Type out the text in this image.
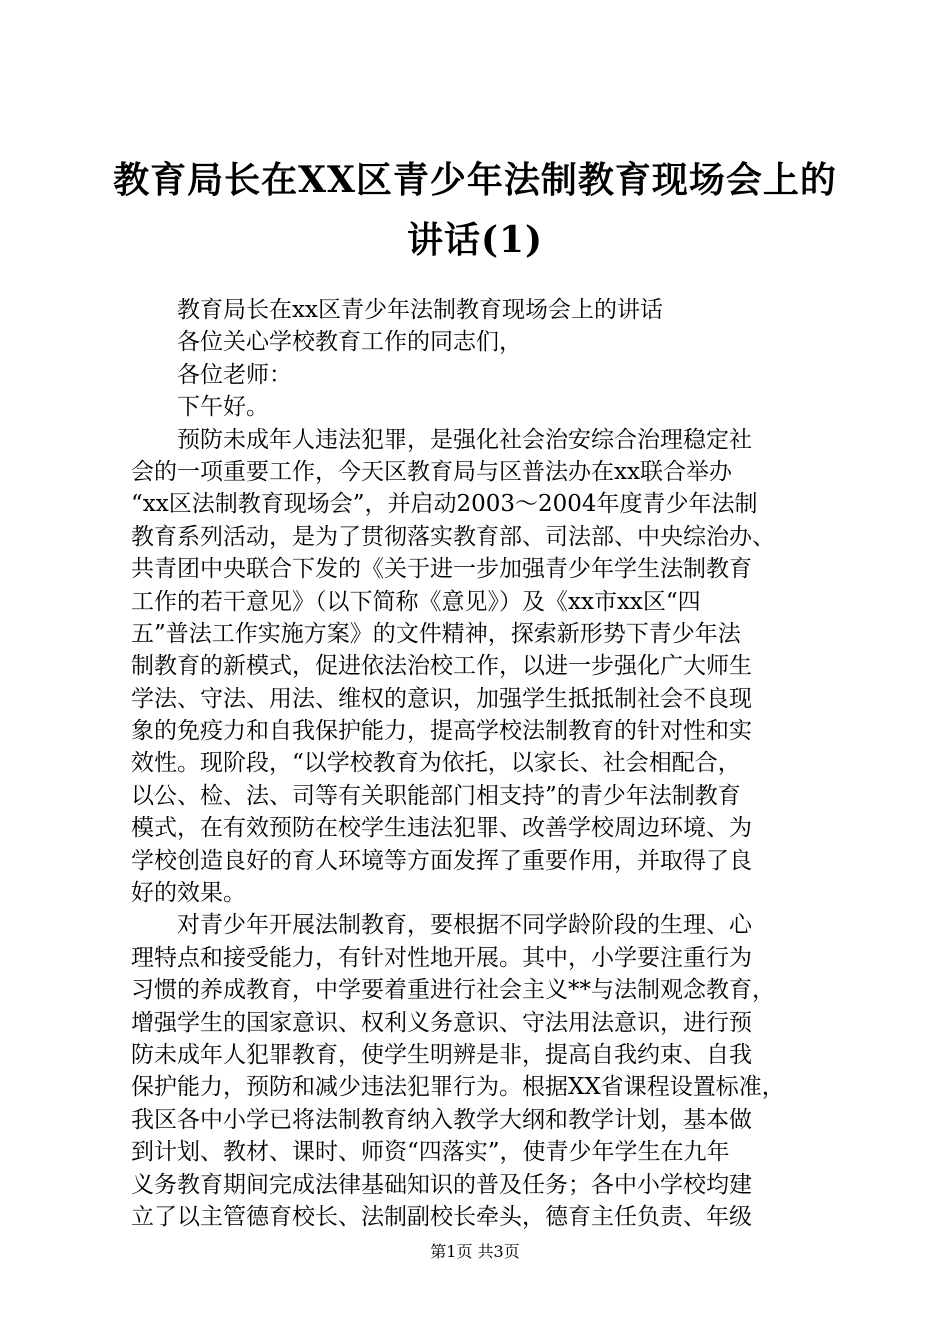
教育局长在XX区青少年法制教育现场会上的
讲话(1)
教育局长在xx区青少年法制教育现场会上的讲话
各位关心学校教育工作的同志们，
各位老师：
下午好。
预防未成年人违法犯罪，是强化社会治安综合治理稳定社
会的一项重要工作，今天区教育局与区普法办在xx联合举办
“xx区法制教育现场会”，并启动2003～2004年度青少年法制
教育系列活动，是为了贯彻落实教育部、司法部、中央综治办、
共青团中央联合下发的《关于进一步加强青少年学生法制教育
工作的若干意见》（以下简称《意见》）及《xx市xx区“四
五”普法工作实施方案》的文件精神，探索新形势下青少年法
制教育的新模式，促进依法治校工作，以进一步强化广大师生
学法、守法、用法、维权的意识，加强学生抵抵制社会不良现
象的免疫力和自我保护能力，提高学校法制教育的针对性和实
效性。现阶段，“以学校教育为依托，以家长、社会相配合，
以公、检、法、司等有关职能部门相支持”的青少年法制教育
模式，在有效预防在校学生违法犯罪、改善学校周边环境、为
学校创造良好的育人环境等方面发挥了重要作用，并取得了良
好的效果。
对青少年开展法制教育，要根据不同学龄阶段的生理、心
理特点和接受能力，有针对性地开展。其中，小学要注重行为
习惯的养成教育，中学要着重进行社会主义**与法制观念教育，
增强学生的国家意识、权利义务意识、守法用法意识，进行预
防未成年人犯罪教育，使学生明辨是非，提高自我约束、自我
保护能力，预防和减少违法犯罪行为。根据XX省课程设置标准，
我区各中小学已将法制教育纳入教学大纲和教学计划，基本做
到计划、教材、课时、师资“四落实”，使青少年学生在九年
义务教育期间完成法律基础知识的普及任务；各中小学校均建
立了以主管德育校长、法制副校长牵头，德育主任负责、年级
第1页 共3页
